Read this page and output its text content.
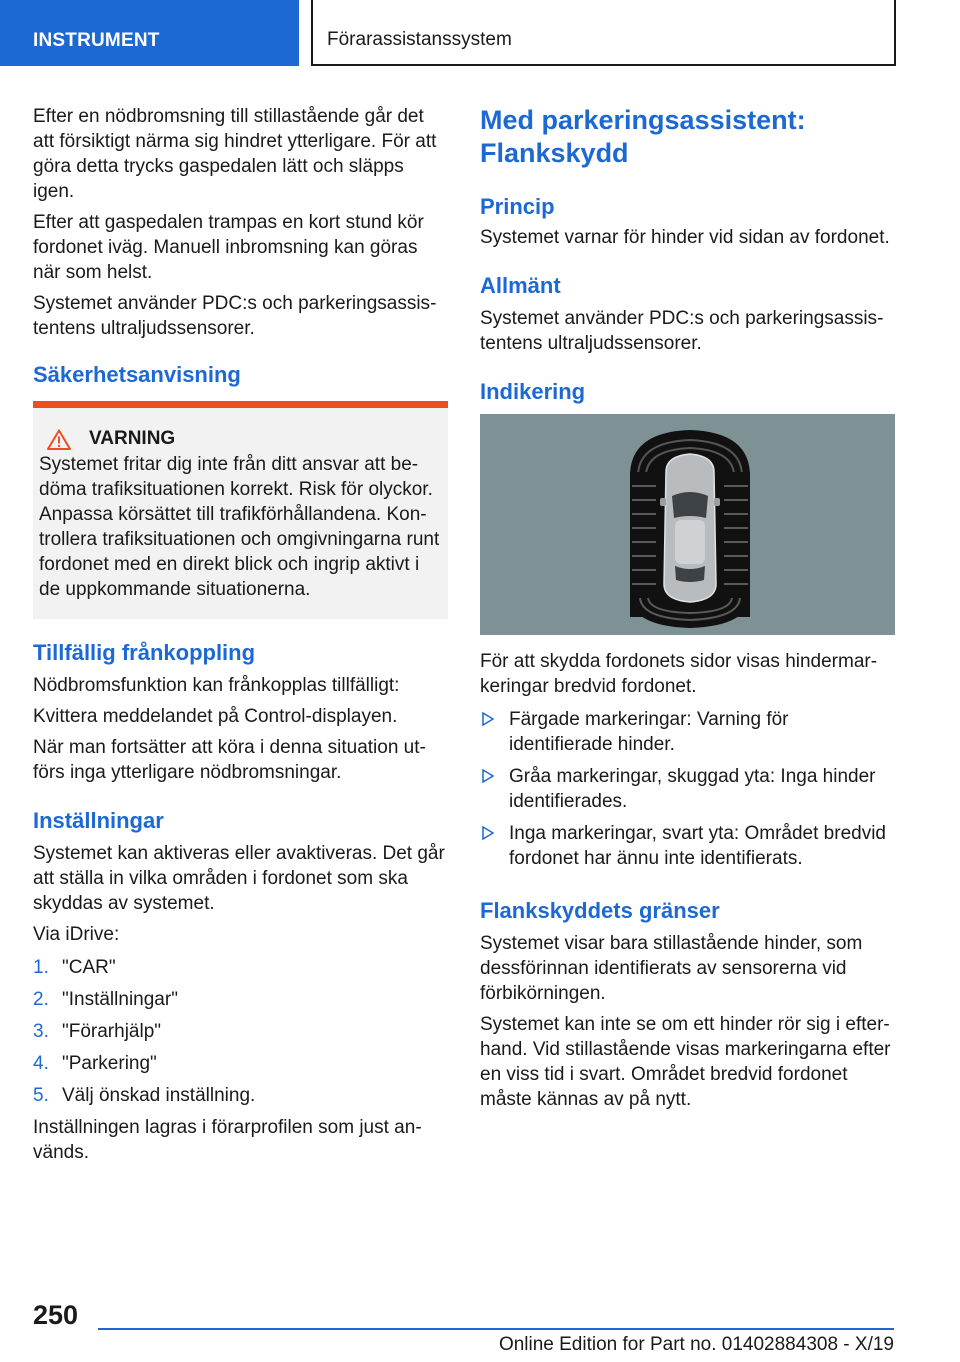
INSTRUMENT	Förarassistanssystem

Efter en nödbromsning till stillastående går det att försiktigt närma sig hindret ytterligare. För att göra detta trycks gaspedalen lätt och släpps igen.

Efter att gaspedalen trampas en kort stund kör fordonet iväg. Manuell inbromsning kan göras när som helst.

Systemet använder PDC:s och parkeringsassistentens ultraljudssensorer.

Säkerhetsanvisning
VARNING

Systemet fritar dig inte från ditt ansvar att bedöma trafiksituationen korrekt. Risk för olyckor. Anpassa körsättet till trafikförhållandena. Kontrollera trafiksituationen och omgivningarna runt fordonet med en direkt blick och ingrip aktivt i de uppkommande situationerna.

Tillfällig frånkoppling

Nödbromsfunktion kan frånkopplas tillfälligt:

Kvittera meddelandet på Control-displayen.

När man fortsätter att köra i denna situation utförs inga ytterligare nödbromsningar.

Inställningar

Systemet kan aktiveras eller avaktiveras. Det går att ställa in vilka områden i fordonet som ska skyddas av systemet.

Via iDrive:

1. "CAR"
2. "Inställningar"
3. "Förarhjälp"
4. "Parkering"
5. Välj önskad inställning.

Inställningen lagras i förarprofilen som just används.

Med parkeringsassistent: Flankskydd
Princip

Systemet varnar för hinder vid sidan av fordonet.

Allmänt

Systemet använder PDC:s och parkeringsassistentens ultraljudssensorer.

Indikering

För att skydda fordonets sidor visas hindermarkeringar bredvid fordonet.

Färgade markeringar: Varning för identifierade hinder.
Gråa markeringar, skuggad yta: Inga hinder identifierades.
Inga markeringar, svart yta: Området bredvid fordonet har ännu inte identifierats.
Flankskyddets gränser

Systemet visar bara stillastående hinder, som dessförinnan identifierats av sensorerna vid förbikörningen.

Systemet kan inte se om ett hinder rör sig i efterhand. Vid stillastående visas markeringarna efter en viss tid i svart. Området bredvid fordonet måste kännas av på nytt.

250
Online Edition for Part no. 01402884308 - X/19
